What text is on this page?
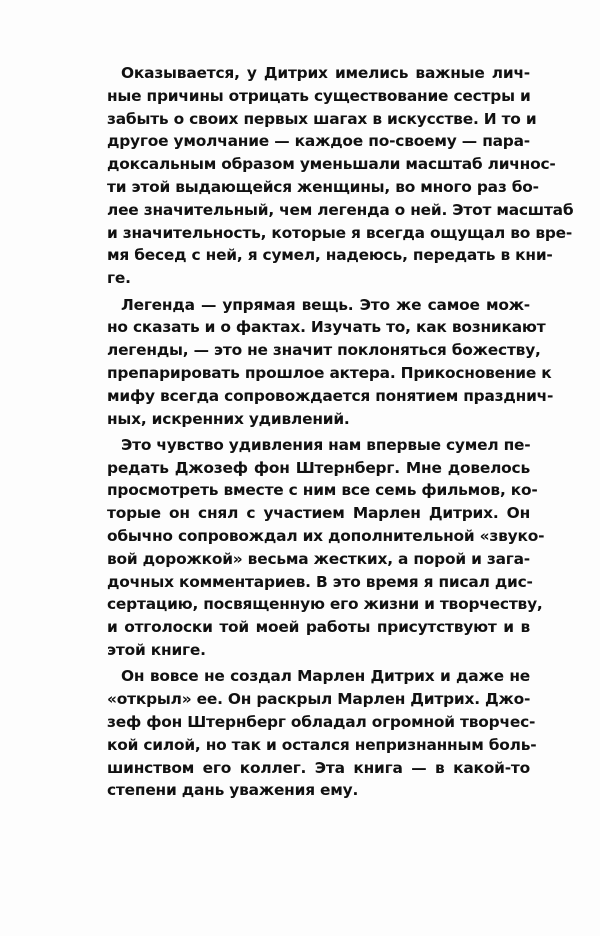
Оказывается, у Дитрих имелись важные лич-
ные причины отрицать существование сестры и
забыть о своих первых шагах в искусстве. И то и
другое умолчание — каждое по-своему — пара-
доксальным образом уменьшали масштаб личнос-
ти этой выдающейся женщины, во много раз бо-
лее значительный, чем легенда о ней. Этот масштаб
и значительность, которые я всегда ощущал во вре-
мя бесед с ней, я сумел, надеюсь, передать в кни-
ге.
Легенда — упрямая вещь. Это же самое мож-
но сказать и о фактах. Изучать то, как возникают
легенды, — это не значит поклоняться божеству,
препарировать прошлое актера. Прикосновение к
мифу всегда сопровождается понятием празднич-
ных, искренних удивлений.
Это чувство удивления нам впервые сумел пе-
редать Джозеф фон Штернберг. Мне довелось
просмотреть вместе с ним все семь фильмов, ко-
торые он снял с участием Марлен Дитрих. Он
обычно сопровождал их дополнительной «звуко-
вой дорожкой» весьма жестких, а порой и зага-
дочных комментариев. В это время я писал дис-
сертацию, посвященную его жизни и творчеству,
и отголоски той моей работы присутствуют и в
этой книге.
Он вовсе не создал Марлен Дитрих и даже не
«открыл» ее. Он раскрыл Марлен Дитрих. Джо-
зеф фон Штернберг обладал огромной творчес-
кой силой, но так и остался непризнанным боль-
шинством его коллег. Эта книга — в какой-то
степени дань уважения ему.
